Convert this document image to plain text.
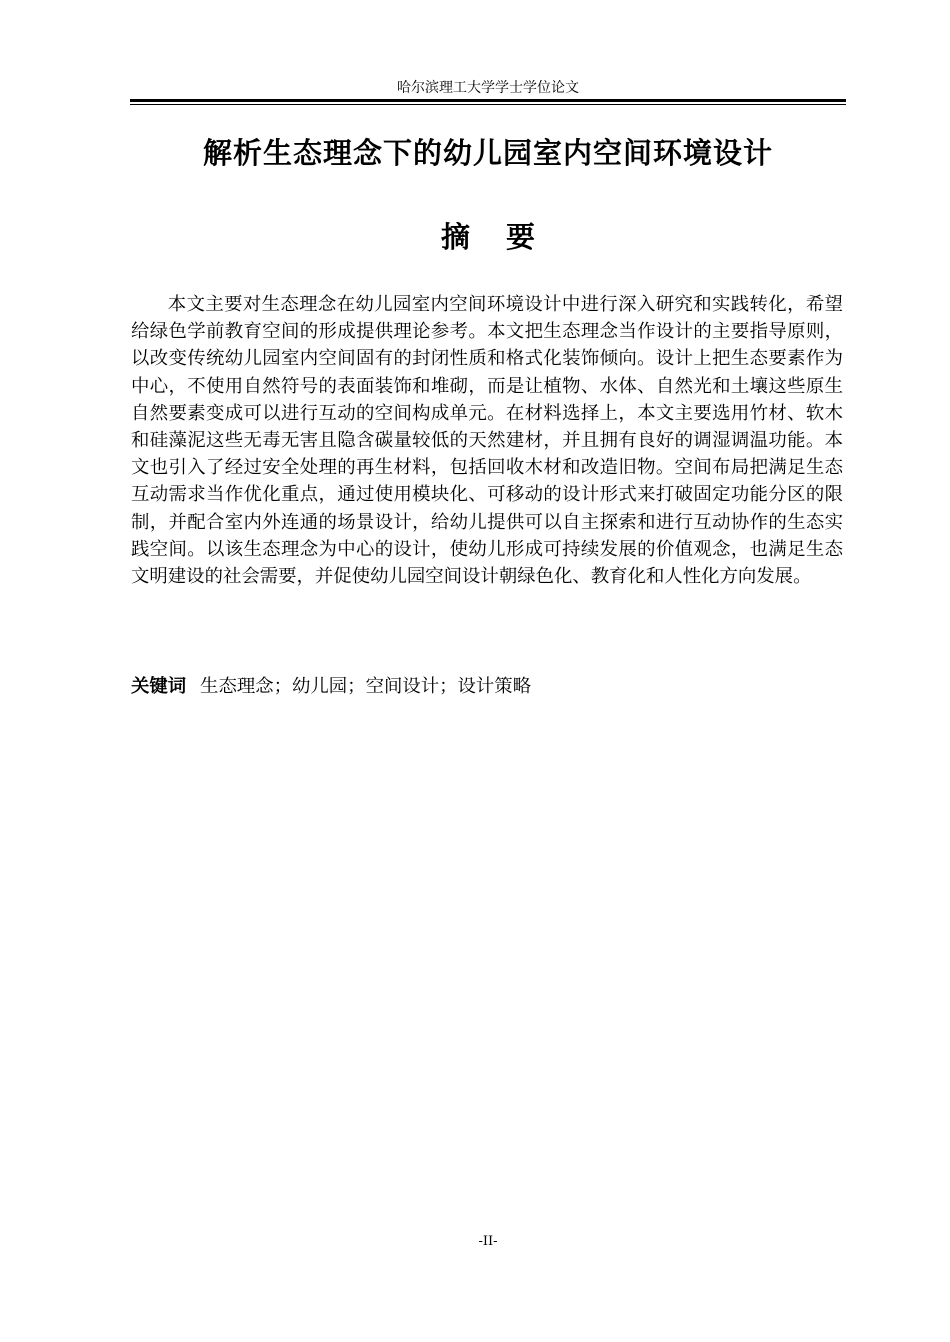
哈尔滨理工大学学士学位论文
解析生态理念下的幼儿园室内空间环境设计
摘要

本文主要对生态理念在幼儿园室内空间环境设计中进行深入研究和实践转化，希望给绿色学前教育空间的形成提供理论参考。本文把生态理念当作设计的主要指导原则，以改变传统幼儿园室内空间固有的封闭性质和格式化装饰倾向。设计上把生态要素作为中心，不使用自然符号的表面装饰和堆砌，而是让植物、水体、自然光和土壤这些原生自然要素变成可以进行互动的空间构成单元。在材料选择上，本文主要选用竹材、软木和硅藻泥这些无毒无害且隐含碳量较低的天然建材，并且拥有良好的调湿调温功能。本文也引入了经过安全处理的再生材料，包括回收木材和改造旧物。空间布局把满足生态互动需求当作优化重点，通过使用模块化、可移动的设计形式来打破固定功能分区的限制，并配合室内外连通的场景设计，给幼儿提供可以自主探索和进行互动协作的生态实践空间。以该生态理念为中心的设计，使幼儿形成可持续发展的价值观念，也满足生态文明建设的社会需要，并促使幼儿园空间设计朝绿色化、教育化和人性化方向发展。

关键词 生态理念；幼儿园；空间设计；设计策略
-II-
